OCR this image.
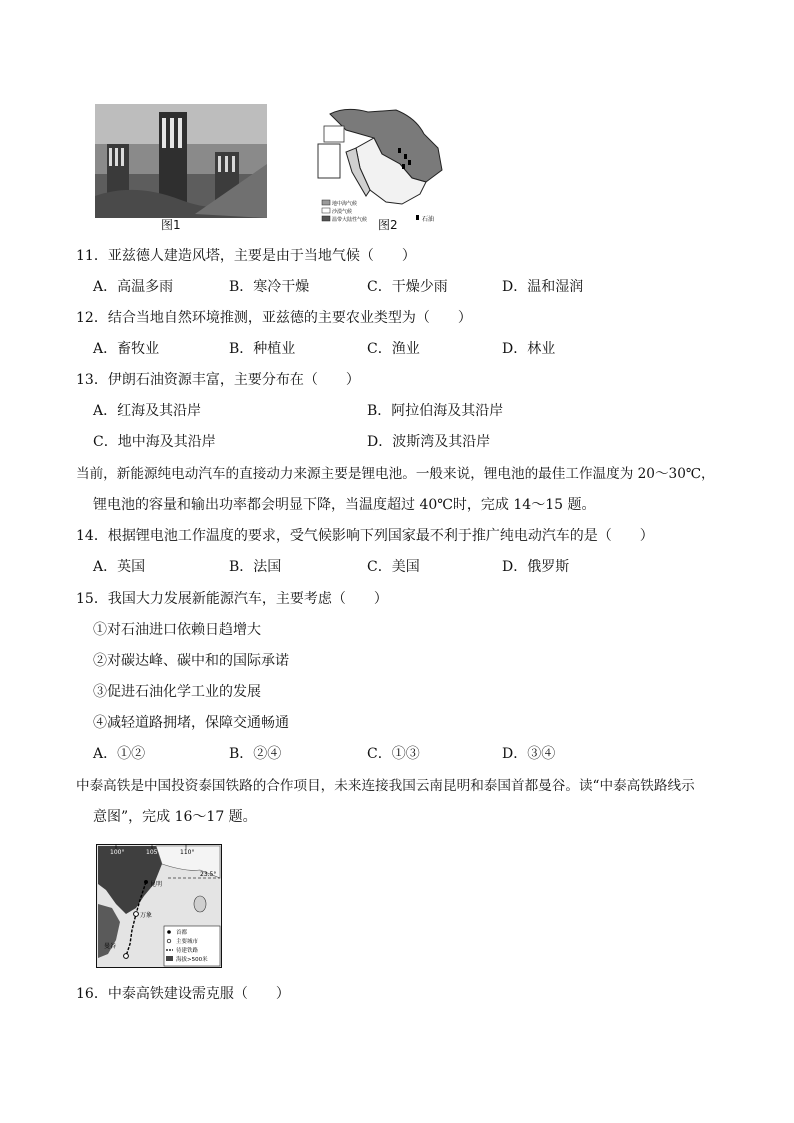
图1
地中海气候
沙漠气候
温带大陆性气候	石油
图2
11．亚兹德人建造风塔，主要是由于当地气候（　　）
A．高温多雨	B．寒冷干燥	C．干燥少雨	D．温和湿润
12．结合当地自然环境推测，亚兹德的主要农业类型为（　　）
A．畜牧业	B．种植业	C．渔业	D．林业
13．伊朗石油资源丰富，主要分布在（　　）
A．红海及其沿岸	B．阿拉伯海及其沿岸
C．地中海及其沿岸	D．波斯湾及其沿岸
当前，新能源纯电动汽车的直接动力来源主要是锂电池。一般来说，锂电池的最佳工作温度为 20～30℃，
锂电池的容量和输出功率都会明显下降，当温度超过 40℃时，完成 14～15 题。
14．根据锂电池工作温度的要求，受气候影响下列国家最不利于推广纯电动汽车的是（　　）
A．英国	B．法国	C．美国	D．俄罗斯
15．我国大力发展新能源汽车，主要考虑（　　）
①对石油进口依赖日趋增大
②对碳达峰、碳中和的国际承诺
③促进石油化学工业的发展
④减轻道路拥堵，保障交通畅通
A．①②	B．②④	C．①③	D．③④
中泰高铁是中国投资泰国铁路的合作项目，未来连接我国云南昆明和泰国首都曼谷。读“中泰高铁路线示
意图”，完成 16～17 题。
100°	105°	110°
23.5°
昆明
万象
曼谷
首都
主要城市
待建铁路
海拔>500米
16．中泰高铁建设需克服（　　）
